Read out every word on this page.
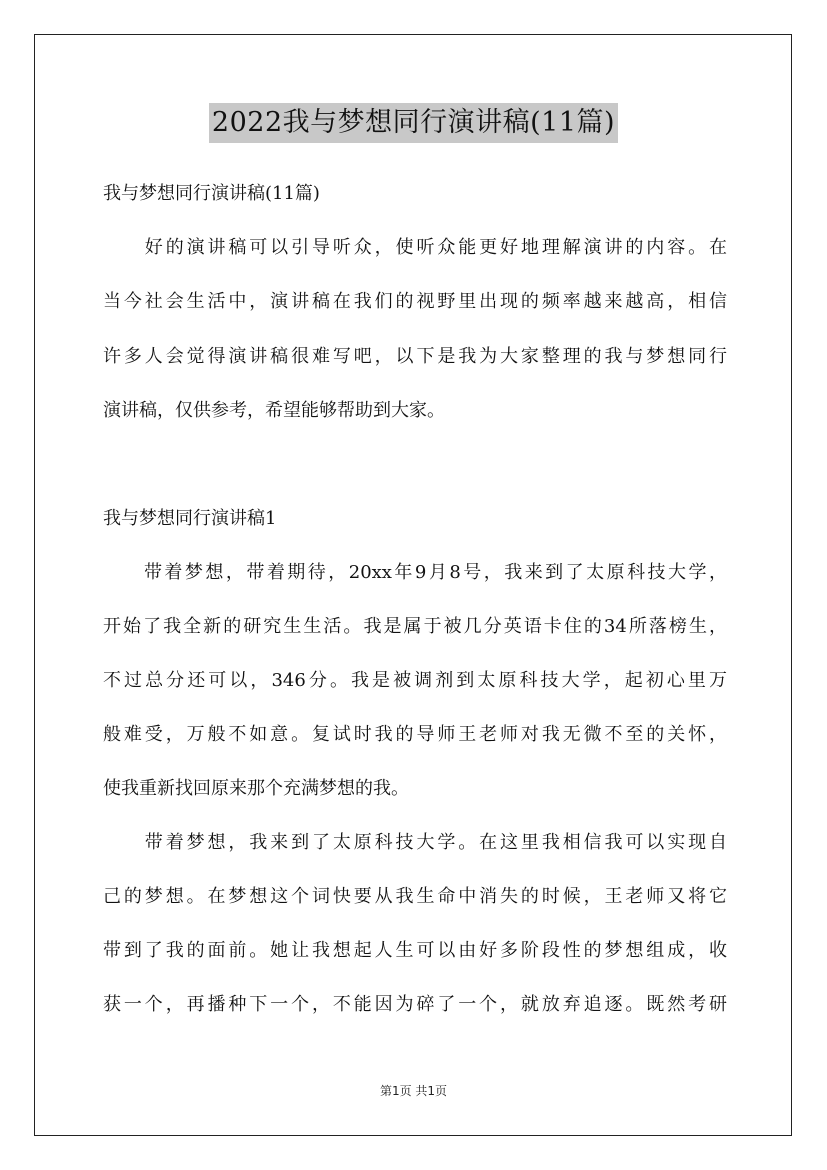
2022我与梦想同行演讲稿(11篇)
我与梦想同行演讲稿(11篇)
　　好的演讲稿可以引导听众，使听众能更好地理解演讲的内容。在
当今社会生活中，演讲稿在我们的视野里出现的频率越来越高，相信
许多人会觉得演讲稿很难写吧，以下是我为大家整理的我与梦想同行
演讲稿，仅供参考，希望能够帮助到大家。
我与梦想同行演讲稿1
　　带着梦想，带着期待，20xx年9月8号，我来到了太原科技大学，
开始了我全新的研究生生活。我是属于被几分英语卡住的34所落榜生，
不过总分还可以，346分。我是被调剂到太原科技大学，起初心里万
般难受，万般不如意。复试时我的导师王老师对我无微不至的关怀，
使我重新找回原来那个充满梦想的我。
　　带着梦想，我来到了太原科技大学。在这里我相信我可以实现自
己的梦想。在梦想这个词快要从我生命中消失的时候，王老师又将它
带到了我的面前。她让我想起人生可以由好多阶段性的梦想组成，收
获一个，再播种下一个，不能因为碎了一个，就放弃追逐。既然考研
第1页 共1页
